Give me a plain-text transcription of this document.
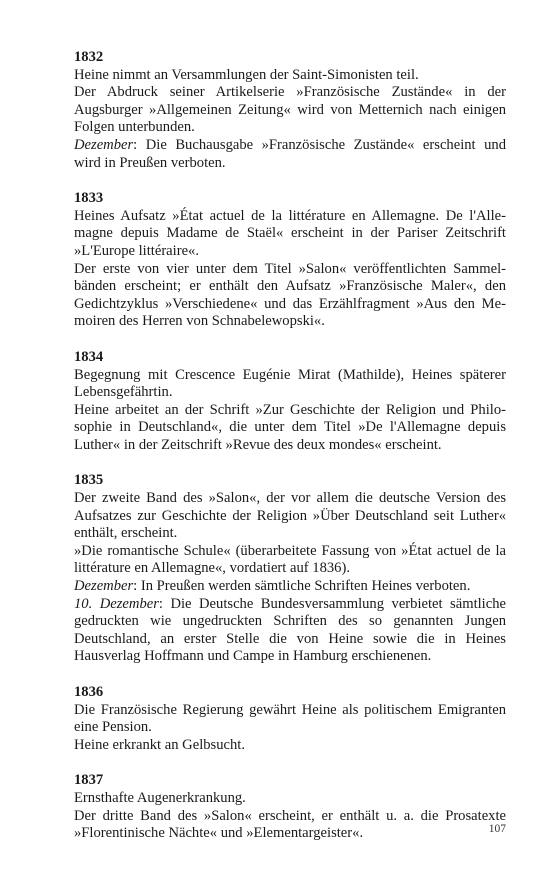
1832

Heine nimmt an Versammlungen der Saint-Simonisten teil.

Der Abdruck seiner Artikelserie »Französische Zustände« in der Augsburger »Allgemeinen Zeitung« wird von Metternich nach einigen Folgen unterbunden.

Dezember: Die Buchausgabe »Französische Zustände« erscheint und wird in Preußen verboten.

1833

Heines Aufsatz »État actuel de la littérature en Allemagne. De l'Allemagne depuis Madame de Staël« erscheint in der Pariser Zeitschrift »L'Europe littéraire«.

Der erste von vier unter dem Titel »Salon« veröffentlichten Sammelbänden erscheint; er enthält den Aufsatz »Französische Maler«, den Gedichtzyklus »Verschiedene« und das Erzählfragment »Aus den Memoiren des Herren von Schnabelewopski«.

1834

Begegnung mit Crescence Eugénie Mirat (Mathilde), Heines späterer Lebensgefährtin.

Heine arbeitet an der Schrift »Zur Geschichte der Religion und Philosophie in Deutschland«, die unter dem Titel »De l'Allemagne depuis Luther« in der Zeitschrift »Revue des deux mondes« erscheint.

1835

Der zweite Band des »Salon«, der vor allem die deutsche Version des Aufsatzes zur Geschichte der Religion »Über Deutschland seit Luther« enthält, erscheint.

»Die romantische Schule« (überarbeitete Fassung von »État actuel de la littérature en Allemagne«, vordatiert auf 1836).

Dezember: In Preußen werden sämtliche Schriften Heines verboten.

10. Dezember: Die Deutsche Bundesversammlung verbietet sämtliche gedruckten wie ungedruckten Schriften des so genannten Jungen Deutschland, an erster Stelle die von Heine sowie die in Heines Hausverlag Hoffmann und Campe in Hamburg erschienenen.

1836

Die Französische Regierung gewährt Heine als politischem Emigranten eine Pension.

Heine erkrankt an Gelbsucht.

1837

Ernsthafte Augenerkrankung.

Der dritte Band des »Salon« erscheint, er enthält u. a. die Prosatexte »Florentinische Nächte« und »Elementargeister«.	107
